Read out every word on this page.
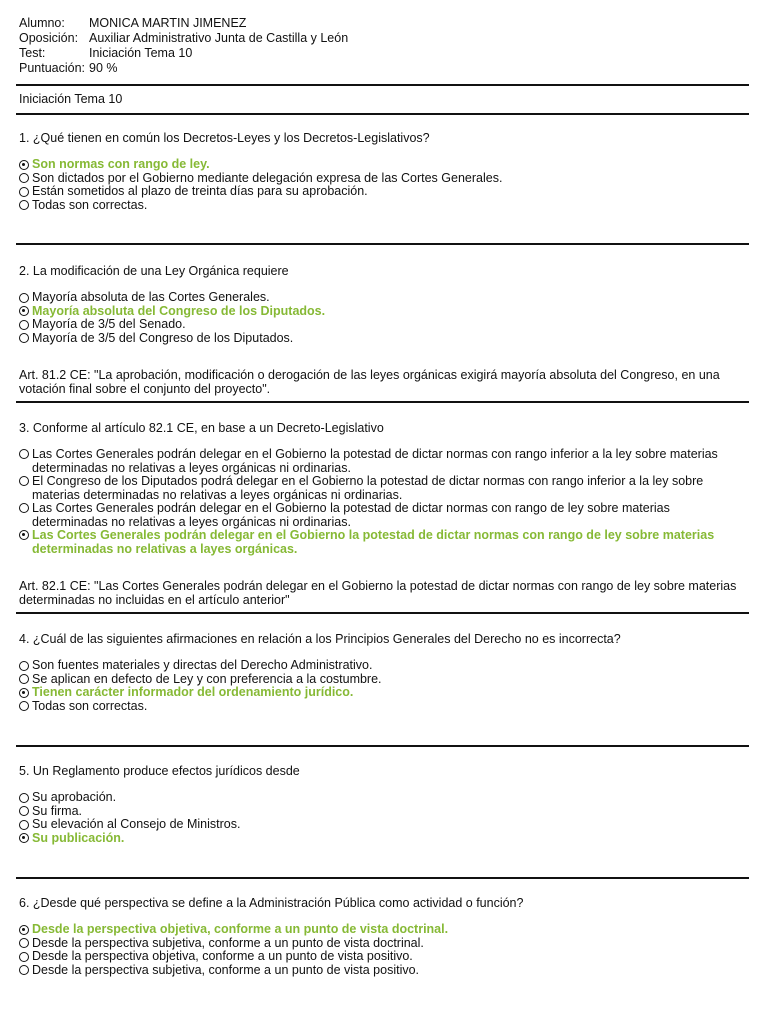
Alumno:	MONICA MARTIN JIMENEZ
Oposición: Auxiliar Administrativo Junta de Castilla y León
Test:	Iniciación Tema 10
Puntuación: 90 %
Iniciación Tema 10
1. ¿Qué tienen en común los Decretos-Leyes y los Decretos-Legislativos?
Son normas con rango de ley.
Son dictados por el Gobierno mediante delegación expresa de las Cortes Generales.
Están sometidos al plazo de treinta días para su aprobación.
Todas son correctas.
2. La modificación de una Ley Orgánica requiere
Mayoría absoluta de las Cortes Generales.
Mayoría absoluta del Congreso de los Diputados.
Mayoría de 3/5 del Senado.
Mayoría de 3/5 del Congreso de los Diputados.
Art. 81.2 CE: "La aprobación, modificación o derogación de las leyes orgánicas exigirá mayoría absoluta del Congreso, en una votación final sobre el conjunto del proyecto".
3. Conforme al artículo 82.1 CE, en base a un Decreto-Legislativo
Las Cortes Generales podrán delegar en el Gobierno la potestad de dictar normas con rango inferior a la ley sobre materias determinadas no relativas a leyes orgánicas ni ordinarias.
El Congreso de los Diputados podrá delegar en el Gobierno la potestad de dictar normas con rango inferior a la ley sobre materias determinadas no relativas a leyes orgánicas ni ordinarias.
Las Cortes Generales podrán delegar en el Gobierno la potestad de dictar normas con rango de ley sobre materias determinadas no relativas a leyes orgánicas ni ordinarias.
Las Cortes Generales podrán delegar en el Gobierno la potestad de dictar normas con rango de ley sobre materias determinadas no relativas a layes orgánicas.
Art. 82.1 CE: "Las Cortes Generales podrán delegar en el Gobierno la potestad de dictar normas con rango de ley sobre materias determinadas no incluidas en el artículo anterior"
4. ¿Cuál de las siguientes afirmaciones en relación a los Principios Generales del Derecho no es incorrecta?
Son fuentes materiales y directas del Derecho Administrativo.
Se aplican en defecto de Ley y con preferencia a la costumbre.
Tienen carácter informador del ordenamiento jurídico.
Todas son correctas.
5. Un Reglamento produce efectos jurídicos desde
Su aprobación.
Su firma.
Su elevación al Consejo de Ministros.
Su publicación.
6. ¿Desde qué perspectiva se define a la Administración Pública como actividad o función?
Desde la perspectiva objetiva, conforme a un punto de vista doctrinal.
Desde la perspectiva subjetiva, conforme a un punto de vista doctrinal.
Desde la perspectiva objetiva, conforme a un punto de vista positivo.
Desde la perspectiva subjetiva, conforme a un punto de vista positivo.
